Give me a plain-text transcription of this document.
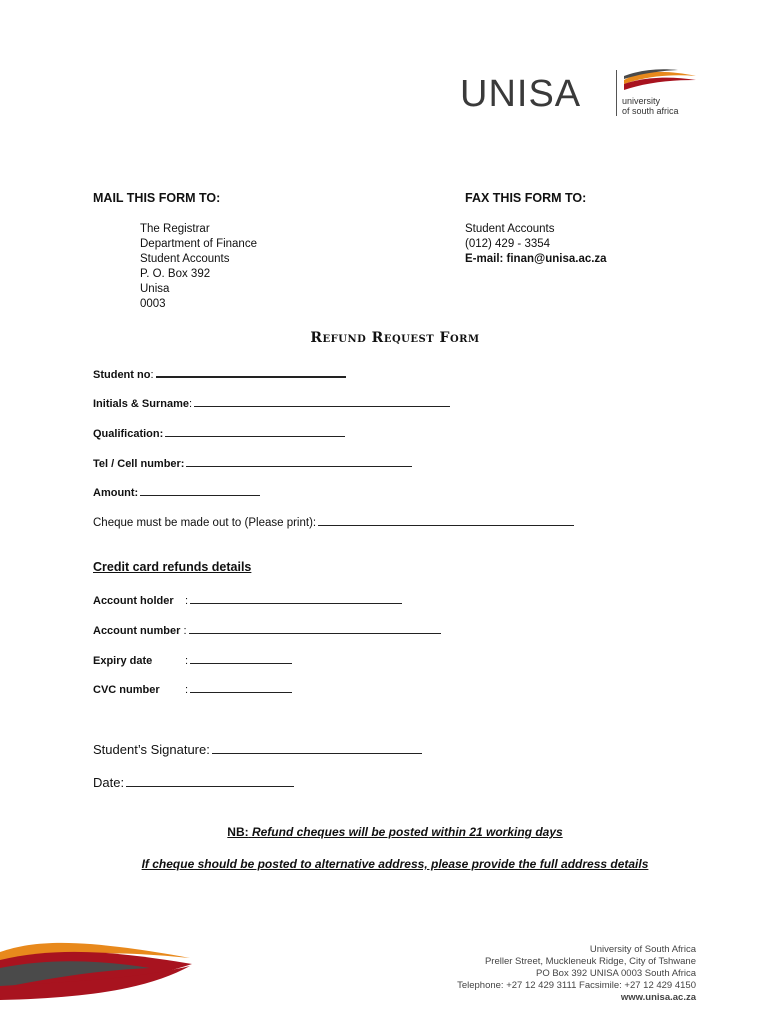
UNISA	university
of south africa
MAIL THIS FORM TO:
The Registrar
Department of Finance
Student Accounts
P. O. Box 392
Unisa
0003
FAX THIS FORM TO:
Student Accounts
(012) 429 - 3354
E-mail: finan@unisa.ac.za
Refund Request Form
Student no:
Initials & Surname:
Qualification:
Tel / Cell number:
Amount:
Cheque must be made out to (Please print):
Credit card refunds details
Account holder :
Account number :
Expiry date	:
CVC number :
Student’s Signature:
Date:
NB: Refund cheques will be posted within 21 working days
If cheque should be posted to alternative address, please provide the full address details
University of South Africa
Preller Street, Muckleneuk Ridge, City of Tshwane
PO Box 392 UNISA 0003 South Africa
Telephone: +27 12 429 3111 Facsimile: +27 12 429 4150
www.unisa.ac.za
